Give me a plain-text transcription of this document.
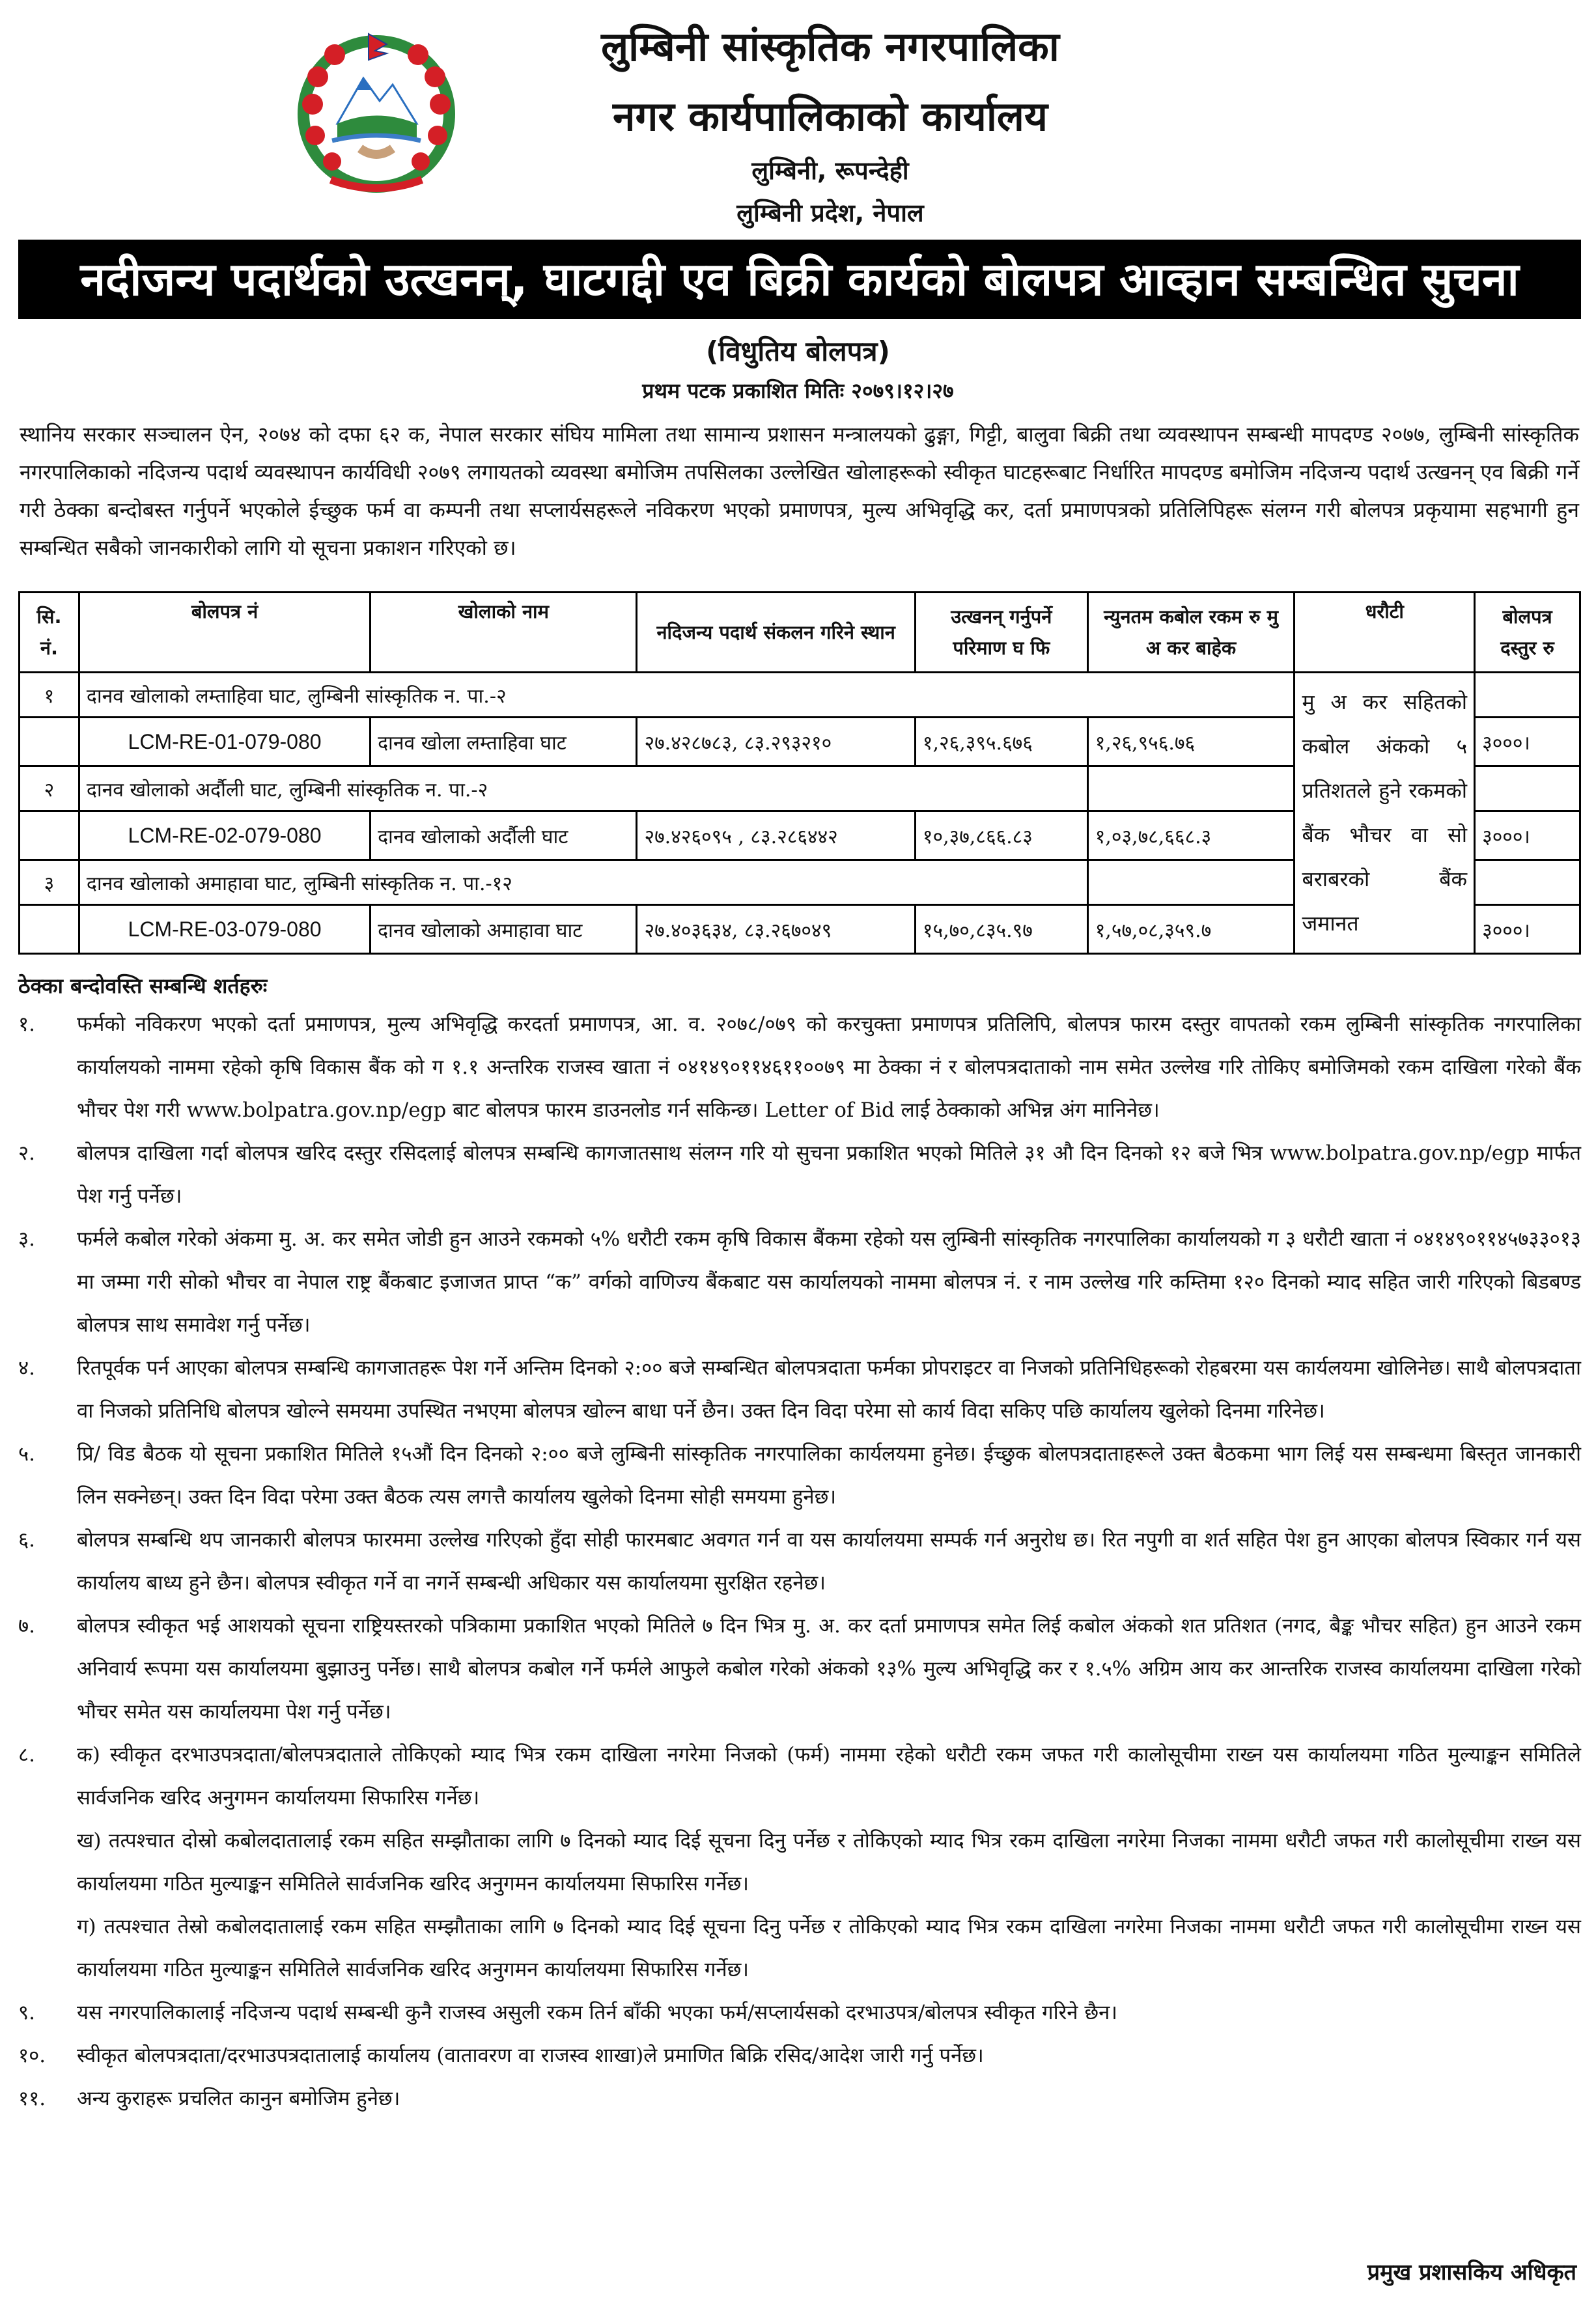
लुम्बिनी सांस्कृतिक नगरपालिका
नगर कार्यपालिकाको कार्यालय
लुम्बिनी, रूपन्देही
लुम्बिनी प्रदेश, नेपाल
नदीजन्य पदार्थको उत्खनन्, घाटगद्दी एव बिक्री कार्यको बोलपत्र आव्हान सम्बन्धित सुचना
(विधुतिय बोलपत्र)
प्रथम पटक प्रकाशित मितिः २०७९।१२।२७
स्थानिय सरकार सञ्चालन ऐन, २०७४ को दफा ६२ क, नेपाल सरकार संघिय मामिला तथा सामान्य प्रशासन मन्त्रालयको ढुङ्गा, गिट्टी, बालुवा बिक्री तथा व्यवस्थापन सम्बन्धी मापदण्ड २०७७, लुम्बिनी सांस्कृतिक नगरपालिकाको नदिजन्य पदार्थ व्यवस्थापन कार्यविधी २०७९ लगायतको व्यवस्था बमोजिम तपसिलका उल्लेखित खोलाहरूको स्वीकृत घाटहरूबाट निर्धारित मापदण्ड बमोजिम नदिजन्य पदार्थ उत्खनन् एव बिक्री गर्ने गरी ठेक्का बन्दोबस्त गर्नुपर्ने भएकोले ईच्छुक फर्म वा कम्पनी तथा सप्लार्यसहरूले नविकरण भएको प्रमाणपत्र, मुल्य अभिवृद्धि कर, दर्ता प्रमाणपत्रको प्रतिलिपिहरू संलग्न गरी बोलपत्र प्रकृयामा सहभागी हुन सम्बन्धित सबैको जानकारीको लागि यो सूचना प्रकाशन गरिएको छ।
सि. नं.	बोलपत्र नं	खोलाको नाम	नदिजन्य पदार्थ संकलन गरिने स्थान	उत्खनन् गर्नुपर्ने परिमाण घ फि	न्युनतम कबोल रकम रु मु अ कर बाहेक	धरौटी	बोलपत्र दस्तुर रु
१	दानव खोलाको लम्ताहिवा घाट, लुम्बिनी सांस्कृतिक न. पा.-२					मु अ कर सहितको कबोल अंकको ५ प्रतिशतले हुने रकमको बैंक भौचर वा सो बराबरको बैंक जमानत	
	LCM-RE-01-079-080	दानव खोला लम्ताहिवा घाट	२७.४२८७८३, ८३.२९३२१०	१,२६,३९५.६७६	१,२६,९५६.७६		३०००।
२	दानव खोलाको अर्दौली घाट, लुम्बिनी सांस्कृतिक न. पा.-२						
	LCM-RE-02-079-080	दानव खोलाको अर्दौली घाट	२७.४२६०९५ , ८३.२८६४४२	१०,३७,८६६.८३	१,०३,७८,६६८.३		३०००।
३	दानव खोलाको अमाहावा घाट, लुम्बिनी सांस्कृतिक न. पा.-१२						
	LCM-RE-03-079-080	दानव खोलाको अमाहावा घाट	२७.४०३६३४, ८३.२६७०४९	१५,७०,८३५.९७	१,५७,०८,३५९.७		३०००।
ठेक्का बन्दोवस्ति सम्बन्धि शर्तहरुः
१.	फर्मको नविकरण भएको दर्ता प्रमाणपत्र, मुल्य अभिवृद्धि करदर्ता प्रमाणपत्र, आ. व. २०७८/०७९ को करचुक्ता प्रमाणपत्र प्रतिलिपि, बोलपत्र फारम दस्तुर वापतको रकम लुम्बिनी सांस्कृतिक नगरपालिका कार्यालयको नाममा रहेको कृषि विकास बैंक को ग १.१ अन्तरिक राजस्व खाता नं ०४१४९०११४६११००७९ मा ठेक्का नं र बोलपत्रदाताको नाम समेत उल्लेख गरि तोकिए बमोजिमको रकम दाखिला गरेको बैंक भौचर पेश गरी www.bolpatra.gov.np/egp बाट बोलपत्र फारम डाउनलोड गर्न सकिन्छ। Letter of Bid लाई ठेक्काको अभिन्न अंग मानिनेछ।
२.	बोलपत्र दाखिला गर्दा बोलपत्र खरिद दस्तुर रसिदलाई बोलपत्र सम्बन्धि कागजातसाथ संलग्न गरि यो सुचना प्रकाशित भएको मितिले ३१ औ दिन दिनको १२ बजे भित्र www.bolpatra.gov.np/egp मार्फत पेश गर्नु पर्नेछ।
३.	फर्मले कबोल गरेको अंकमा मु. अ. कर समेत जोडी हुन आउने रकमको ५% धरौटी रकम कृषि विकास बैंकमा रहेको यस लुम्बिनी सांस्कृतिक नगरपालिका कार्यालयको ग ३ धरौटी खाता नं ०४१४९०११४५७३३०१३ मा जम्मा गरी सोको भौचर वा नेपाल राष्ट्र बैंकबाट इजाजत प्राप्त “क” वर्गको वाणिज्य बैंकबाट यस कार्यालयको नाममा बोलपत्र नं. र नाम उल्लेख गरि कम्तिमा १२० दिनको म्याद सहित जारी गरिएको बिडबण्ड बोलपत्र साथ समावेश गर्नु पर्नेछ।
४.	रितपूर्वक पर्न आएका बोलपत्र सम्बन्धि कागजातहरू पेश गर्ने अन्तिम दिनको २:०० बजे सम्बन्धित बोलपत्रदाता फर्मका प्रोपराइटर वा निजको प्रतिनिधिहरूको रोहबरमा यस कार्यलयमा खोलिनेछ। साथै बोलपत्रदाता वा निजको प्रतिनिधि बोलपत्र खोल्ने समयमा उपस्थित नभएमा बोलपत्र खोल्न बाधा पर्ने छैन। उक्त दिन विदा परेमा सो कार्य विदा सकिए पछि कार्यालय खुलेको दिनमा गरिनेछ।
५.	प्रि/ विड बैठक यो सूचना प्रकाशित मितिले १५औं दिन दिनको २:०० बजे लुम्बिनी सांस्कृतिक नगरपालिका कार्यलयमा हुनेछ। ईच्छुक बोलपत्रदाताहरूले उक्त बैठकमा भाग लिई यस सम्बन्धमा बिस्तृत जानकारी लिन सक्नेछन्। उक्त दिन विदा परेमा उक्त बैठक त्यस लगत्तै कार्यालय खुलेको दिनमा सोही समयमा हुनेछ।
६.	बोलपत्र सम्बन्धि थप जानकारी बोलपत्र फारममा उल्लेख गरिएको हुँदा सोही फारमबाट अवगत गर्न वा यस कार्यालयमा सम्पर्क गर्न अनुरोध छ। रित नपुगी वा शर्त सहित पेश हुन आएका बोलपत्र स्विकार गर्न यस कार्यालय बाध्य हुने छैन। बोलपत्र स्वीकृत गर्ने वा नगर्ने सम्बन्धी अधिकार यस कार्यालयमा सुरक्षित रहनेछ।
७.	बोलपत्र स्वीकृत भई आशयको सूचना राष्ट्रियस्तरको पत्रिकामा प्रकाशित भएको मितिले ७ दिन भित्र मु. अ. कर दर्ता प्रमाणपत्र समेत लिई कबोल अंकको शत प्रतिशत (नगद, बैङ्क भौचर सहित) हुन आउने रकम अनिवार्य रूपमा यस कार्यालयमा बुझाउनु पर्नेछ। साथै बोलपत्र कबोल गर्ने फर्मले आफुले कबोल गरेको अंकको १३% मुल्य अभिवृद्धि कर र १.५% अग्रिम आय कर आन्तरिक राजस्व कार्यालयमा दाखिला गरेको भौचर समेत यस कार्यालयमा पेश गर्नु पर्नेछ।
८.	क) स्वीकृत दरभाउपत्रदाता/बोलपत्रदाताले तोकिएको म्याद भित्र रकम दाखिला नगरेमा निजको (फर्म) नाममा रहेको धरौटी रकम जफत गरी कालोसूचीमा राख्न यस कार्यालयमा गठित मुल्याङ्कन समितिले सार्वजनिक खरिद अनुगमन कार्यालयमा सिफारिस गर्नेछ।
ख) तत्पश्चात दोस्रो कबोलदातालाई रकम सहित सम्झौताका लागि ७ दिनको म्याद दिई सूचना दिनु पर्नेछ र तोकिएको म्याद भित्र रकम दाखिला नगरेमा निजका नाममा धरौटी जफत गरी कालोसूचीमा राख्न यस कार्यालयमा गठित मुल्याङ्कन समितिले सार्वजनिक खरिद अनुगमन कार्यालयमा सिफारिस गर्नेछ।
ग) तत्पश्चात तेस्रो कबोलदातालाई रकम सहित सम्झौताका लागि ७ दिनको म्याद दिई सूचना दिनु पर्नेछ र तोकिएको म्याद भित्र रकम दाखिला नगरेमा निजका नाममा धरौटी जफत गरी कालोसूचीमा राख्न यस कार्यालयमा गठित मुल्याङ्कन समितिले सार्वजनिक खरिद अनुगमन कार्यालयमा सिफारिस गर्नेछ।
९.	यस नगरपालिकालाई नदिजन्य पदार्थ सम्बन्धी कुनै राजस्व असुली रकम तिर्न बाँकी भएका फर्म/सप्लार्यसको दरभाउपत्र/बोलपत्र स्वीकृत गरिने छैन।
१०.	स्वीकृत बोलपत्रदाता/दरभाउपत्रदातालाई कार्यालय (वातावरण वा राजस्व शाखा)ले प्रमाणित बिक्रि रसिद/आदेश जारी गर्नु पर्नेछ।
११.	अन्य कुराहरू प्रचलित कानुन बमोजिम हुनेछ।
प्रमुख प्रशासकिय अधिकृत
